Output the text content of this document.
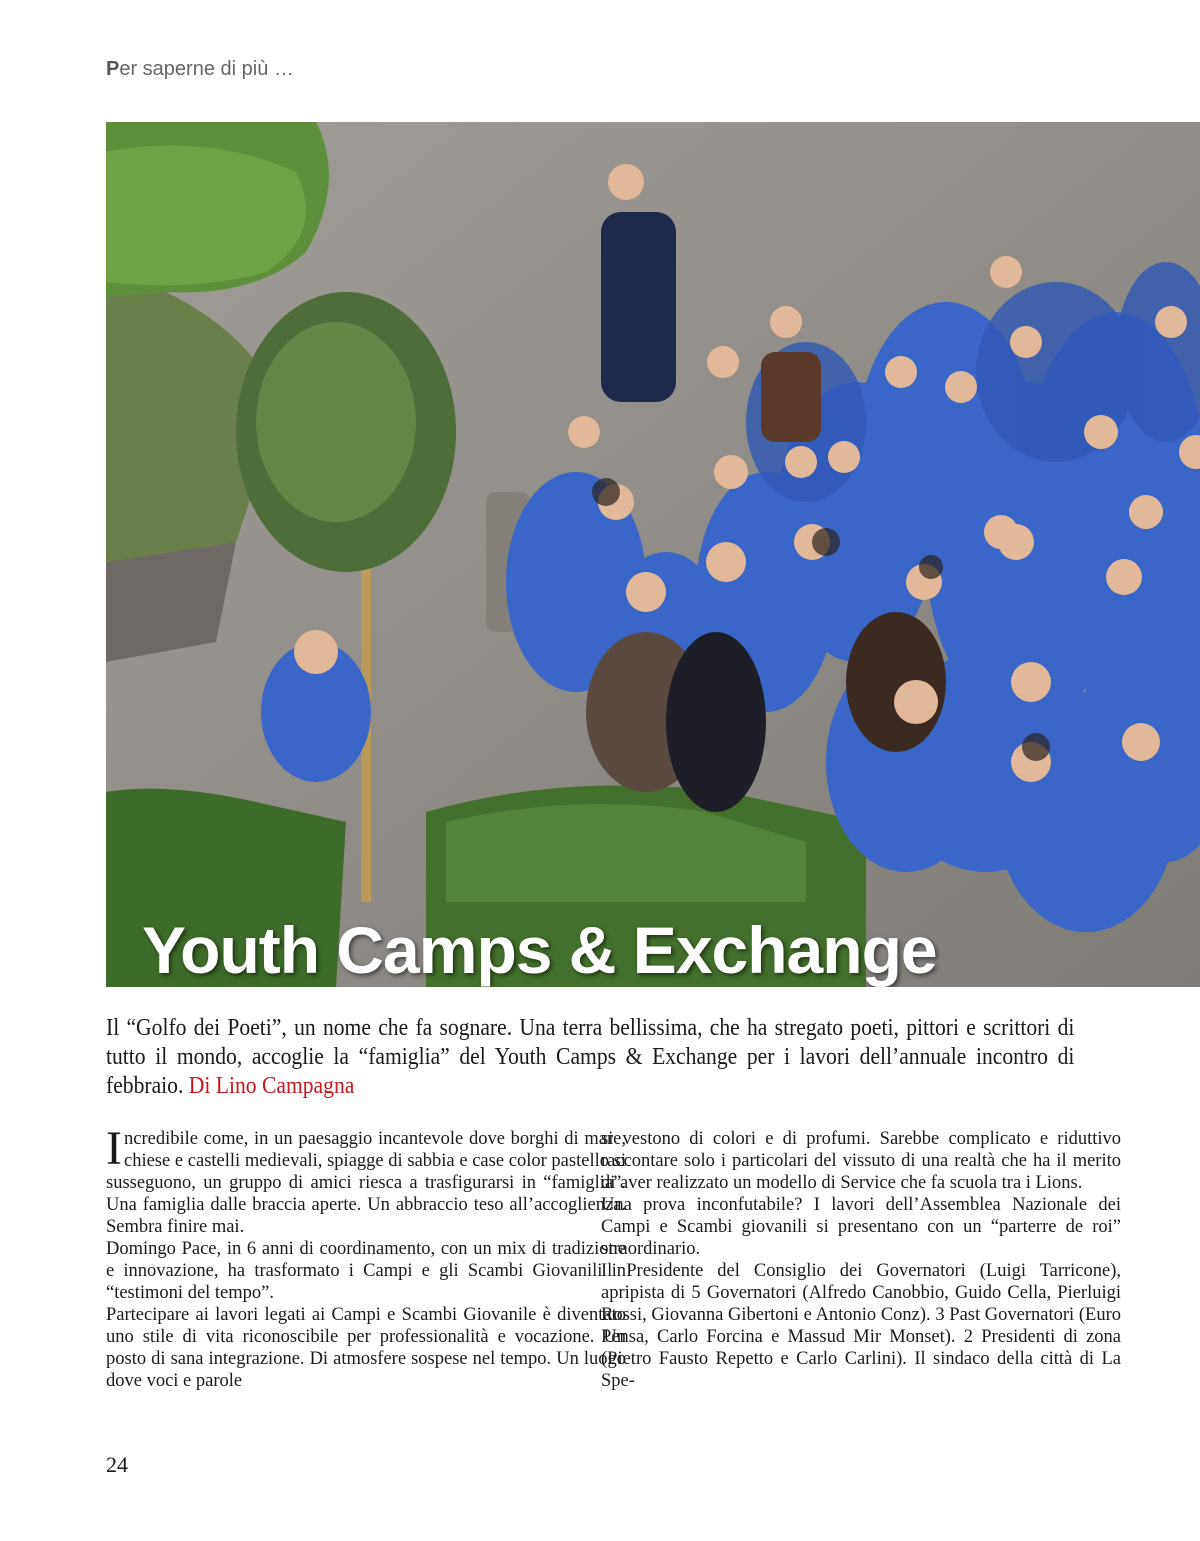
Per saperne di più …
Youth Camps & Exchange
Il “Golfo dei Poeti”, un nome che fa sognare. Una terra bellissima, che ha stregato poeti, pittori e scrittori di tutto il mondo, accoglie la “famiglia” del Youth Camps & Exchange per i lavori dell’annuale incontro di febbraio. Di Lino Campagna

Incredibile come, in un paesaggio incantevole dove borghi di mare, chiese e castelli medievali, spiagge di sabbia e case color pastello si susseguono, un gruppo di amici riesca a trasfigurarsi in “famiglia”. Una famiglia dalle braccia aperte. Un abbraccio teso all’accoglienza. Sembra finire mai.

Domingo Pace, in 6 anni di coordinamento, con un mix di tradizione e innovazione, ha trasformato i Campi e gli Scambi Giovanili in “testimoni del tempo”.

Partecipare ai lavori legati ai Campi e Scambi Giovanile è diventato uno stile di vita riconoscibile per professionalità e vocazione. Un posto di sana integrazione. Di atmosfere sospese nel tempo. Un luogo dove voci e parole

si vestono di colori e di profumi. Sarebbe complicato e riduttivo raccontare solo i particolari del vissuto di una realtà che ha il merito di aver realizzato un modello di Service che fa scuola tra i Lions.

Una prova inconfutabile? I lavori dell’Assemblea Nazionale dei Campi e Scambi giovanili si presentano con un “parterre de roi” straordinario.

Il Presidente del Consiglio dei Governatori (Luigi Tarricone), apripista di 5 Governatori (Alfredo Canobbio, Guido Cella, Pierluigi Rossi, Giovanna Gibertoni e Antonio Conz). 3 Past Governatori (Euro Pensa, Carlo Forcina e Massud Mir Monset). 2 Presidenti di zona (Pietro Fausto Repetto e Carlo Carlini). Il sindaco della città di La Spe-

24
